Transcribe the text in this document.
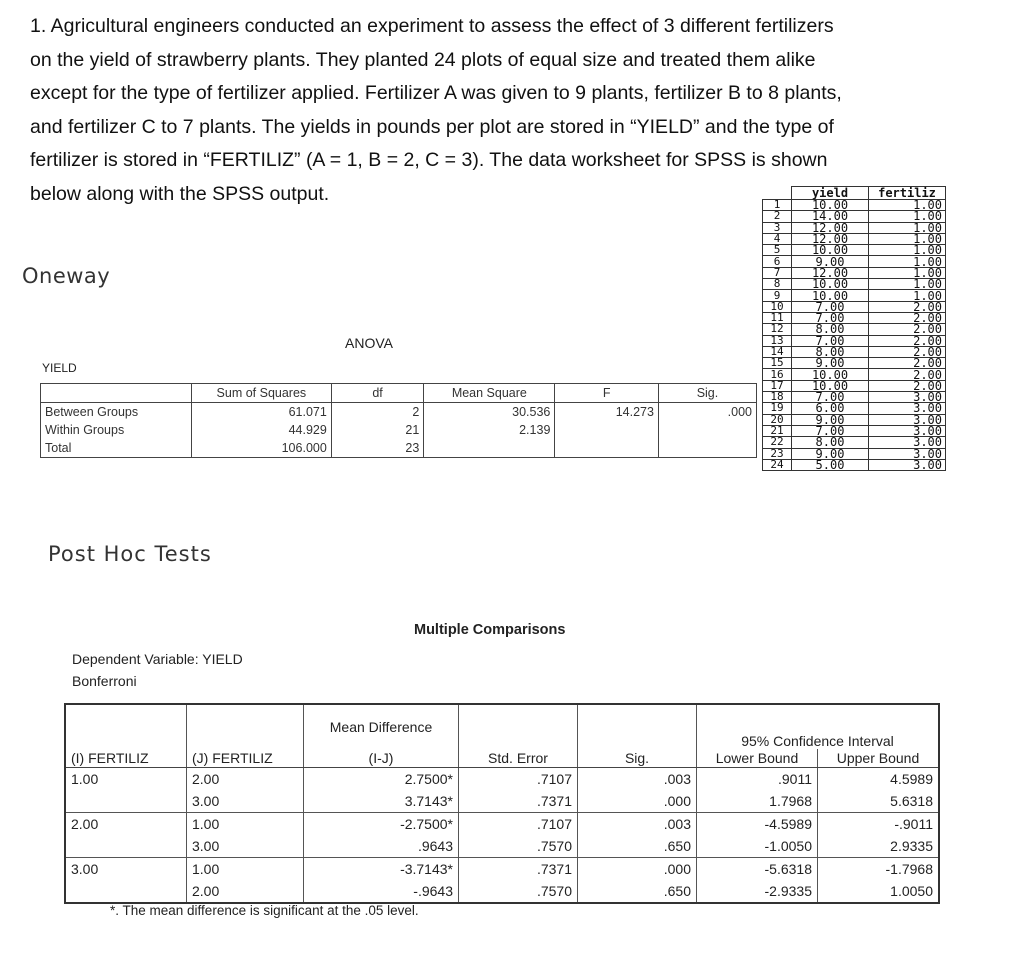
1. Agricultural engineers conducted an experiment to assess the effect of 3 different fertilizers

on the yield of strawberry plants. They planted 24 plots of equal size and treated them alike

except for the type of fertilizer applied. Fertilizer A was given to 9 plants, fertilizer B to 8 plants,

and fertilizer C to 7 plants. The yields in pounds per plot are stored in “YIELD” and the type of

fertilizer is stored in “FERTILIZ” (A = 1, B = 2, C = 3). The data worksheet for SPSS is shown

below along with the SPSS output.

Oneway
ANOVA
YIELD
	Sum of Squares	df	Mean Square	F	Sig.
Between Groups	61.071	2	30.536	14.273	.000
Within Groups	44.929	21	2.139		
Total	106.000	23			
	yield	fertiliz
1	10.00	1.00
2	14.00	1.00
3	12.00	1.00
4	12.00	1.00
5	10.00	1.00
6	9.00	1.00
7	12.00	1.00
8	10.00	1.00
9	10.00	1.00
10	7.00	2.00
11	7.00	2.00
12	8.00	2.00
13	7.00	2.00
14	8.00	2.00
15	9.00	2.00
16	10.00	2.00
17	10.00	2.00
18	7.00	3.00
19	6.00	3.00
20	9.00	3.00
21	7.00	3.00
22	8.00	3.00
23	9.00	3.00
24	5.00	3.00
Post Hoc Tests
Multiple Comparisons
Dependent Variable: YIELD
Bonferroni
		Mean Difference			95% Confidence Interval	
(I) FERTILIZ	(J) FERTILIZ	(I-J)	Std. Error	Sig.	Lower Bound	Upper Bound
1.00	2.00	2.7500*	.7107	.003	.9011	4.5989
	3.00	3.7143*	.7371	.000	1.7968	5.6318
2.00	1.00	-2.7500*	.7107	.003	-4.5989	-.9011
	3.00	.9643	.7570	.650	-1.0050	2.9335
3.00	1.00	-3.7143*	.7371	.000	-5.6318	-1.7968
	2.00	-.9643	.7570	.650	-2.9335	1.0050
*. The mean difference is significant at the .05 level.
